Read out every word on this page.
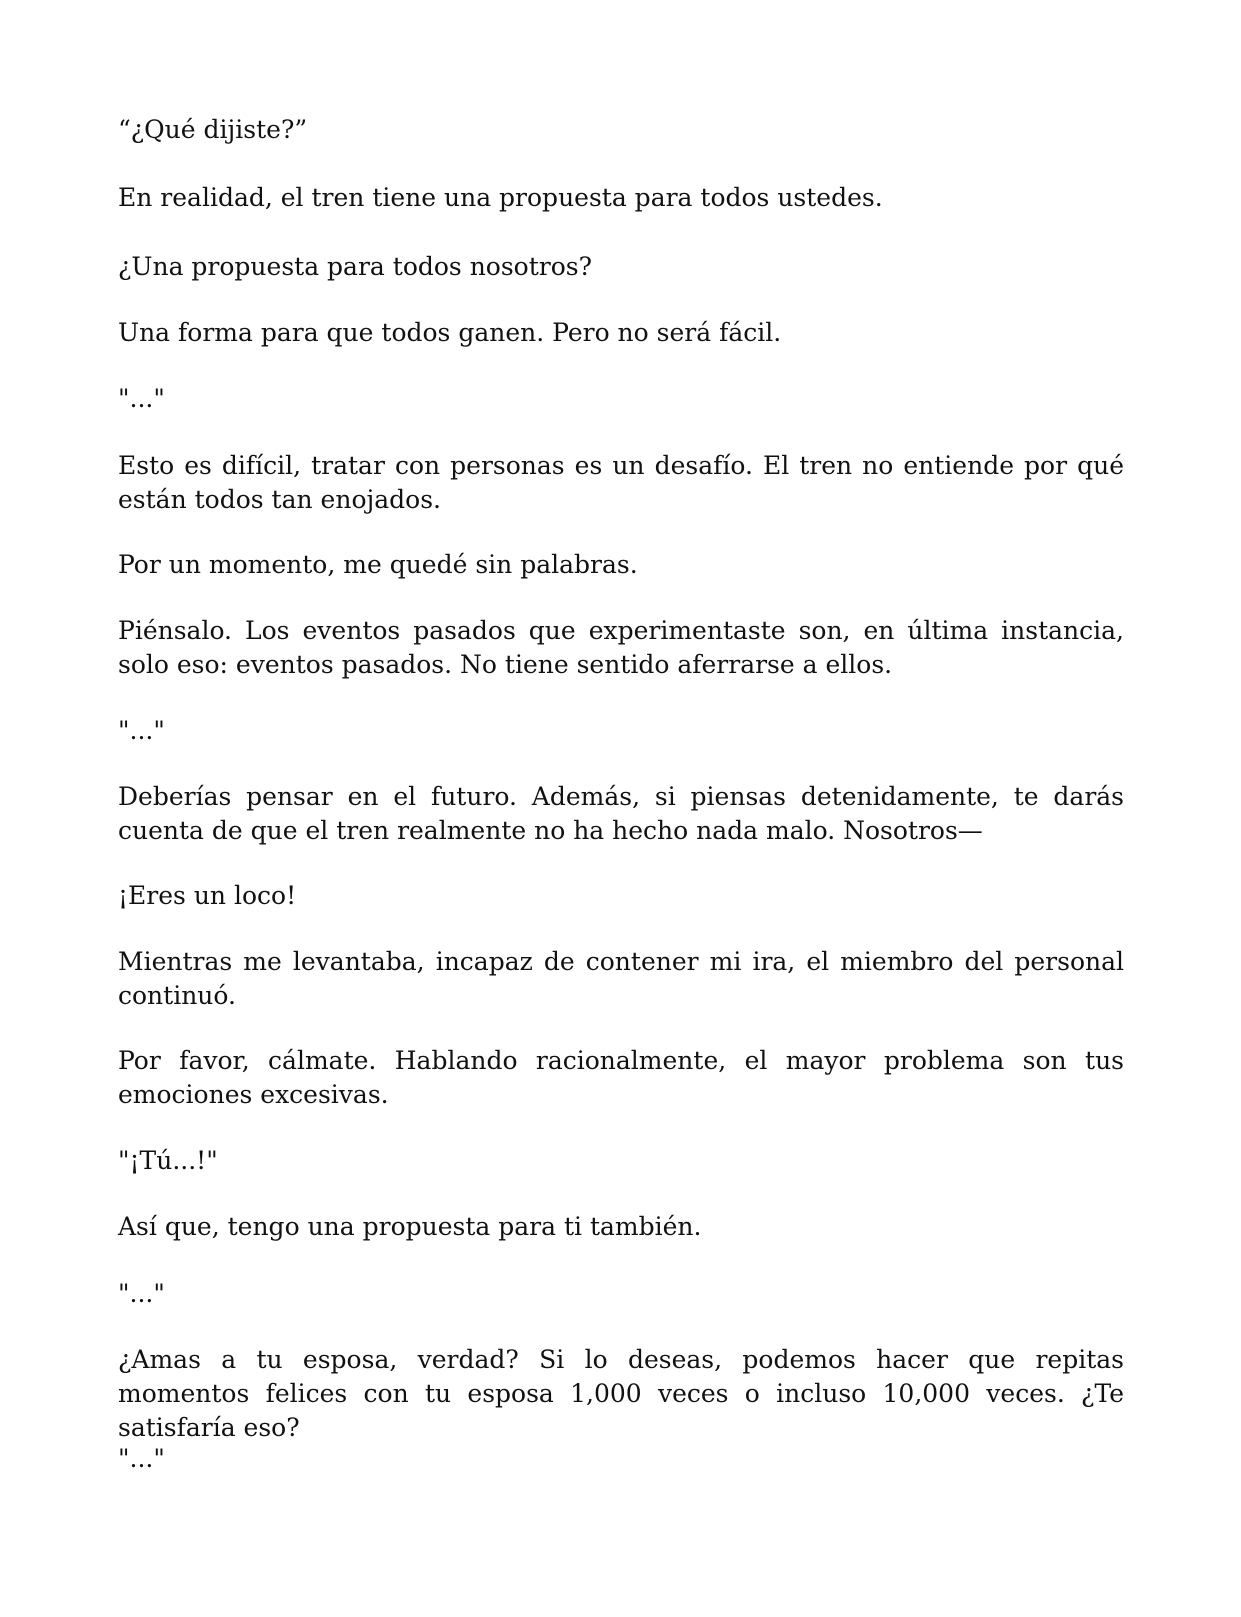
“¿Qué dijiste?”

En realidad, el tren tiene una propuesta para todos ustedes.

¿Una propuesta para todos nosotros?

Una forma para que todos ganen. Pero no será fácil.

"..."

Esto es difícil, tratar con personas es un desafío. El tren no entiende por qué están todos tan enojados.

Por un momento, me quedé sin palabras.

Piénsalo. Los eventos pasados que experimentaste son, en última instancia, solo eso: eventos pasados. No tiene sentido aferrarse a ellos.

"..."

Deberías pensar en el futuro. Además, si piensas detenidamente, te darás cuenta de que el tren realmente no ha hecho nada malo. Nosotros—

¡Eres un loco!

Mientras me levantaba, incapaz de contener mi ira, el miembro del personal continuó.

Por favor, cálmate. Hablando racionalmente, el mayor problema son tus emociones excesivas.

"¡Tú...!"

Así que, tengo una propuesta para ti también.

"..."

¿Amas a tu esposa, verdad? Si lo deseas, podemos hacer que repitas momentos felices con tu esposa 1,000 veces o incluso 10,000 veces. ¿Te satisfaría eso?

"..."
